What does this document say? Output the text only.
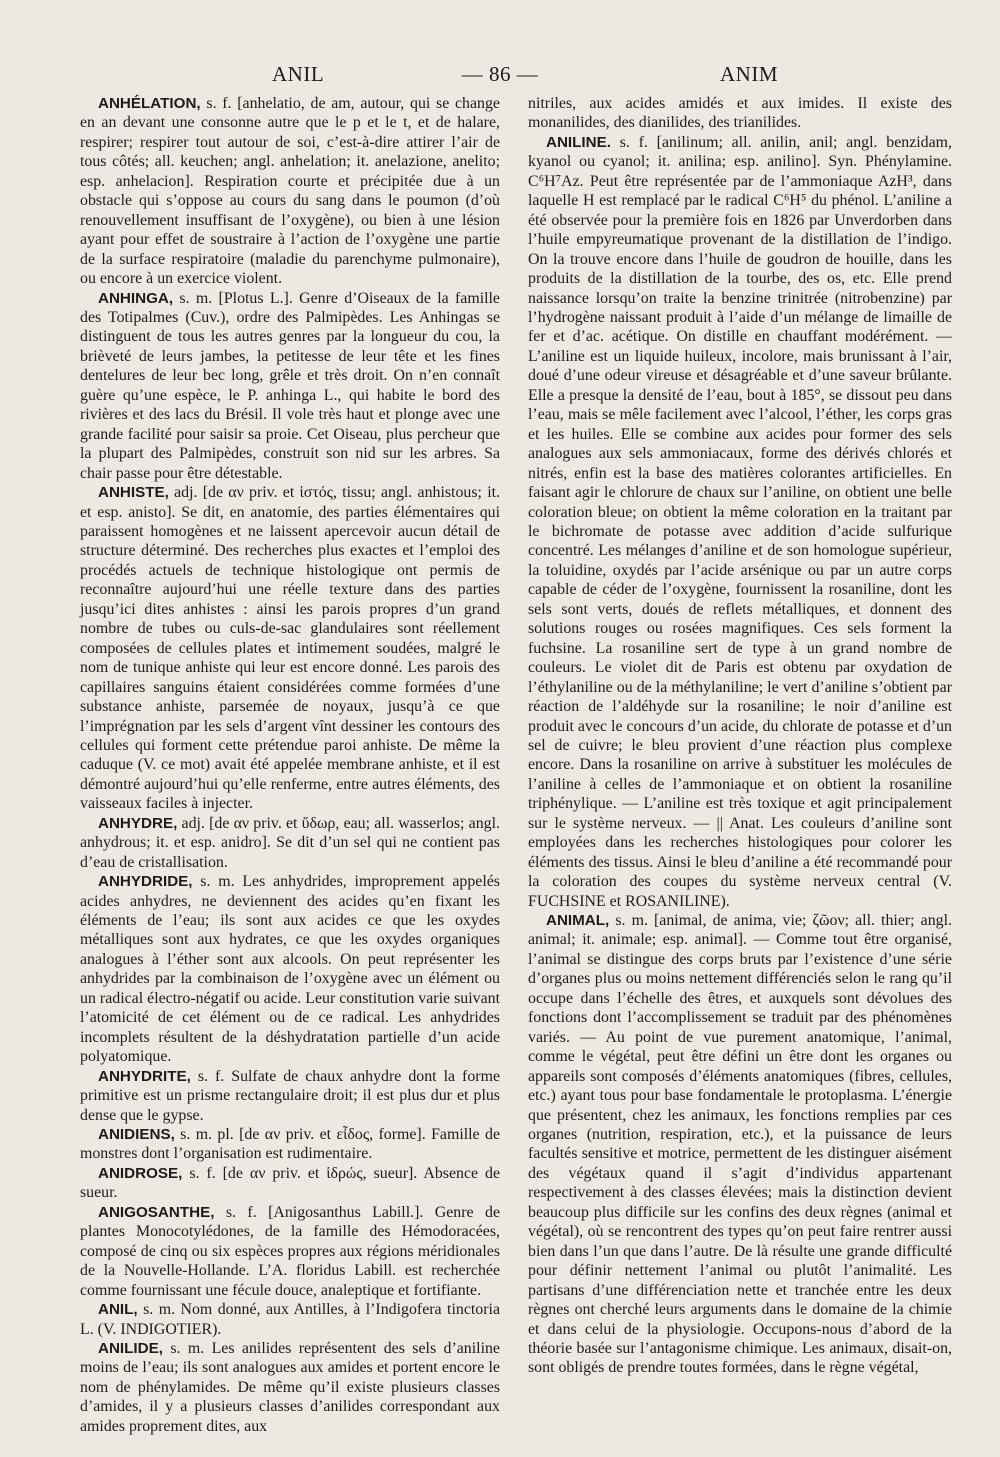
ANIL	— 86 —	ANIM

ANHÉLATION, s. f. [anhelatio, de am, autour, qui se change en an devant une consonne autre que le p et le t, et de halare, respirer; respirer tout autour de soi, c’est-à-dire attirer l’air de tous côtés; all. keuchen; angl. anhelation; it. anelazione, anelito; esp. anhelacion]. Respiration courte et précipitée due à un obstacle qui s’oppose au cours du sang dans le poumon (d’où renouvellement insuffisant de l’oxygène), ou bien à une lésion ayant pour effet de soustraire à l’action de l’oxygène une partie de la surface respiratoire (maladie du parenchyme pulmonaire), ou encore à un exercice violent.

ANHINGA, s. m. [Plotus L.]. Genre d’Oiseaux de la famille des Totipalmes (Cuv.), ordre des Palmipèdes. Les Anhingas se distinguent de tous les autres genres par la longueur du cou, la brièveté de leurs jambes, la petitesse de leur tête et les fines dentelures de leur bec long, grêle et très droit. On n’en connaît guère qu’une espèce, le P. anhinga L., qui habite le bord des rivières et des lacs du Brésil. Il vole très haut et plonge avec une grande facilité pour saisir sa proie. Cet Oiseau, plus percheur que la plupart des Palmipèdes, construit son nid sur les arbres. Sa chair passe pour être détestable.

ANHISTE, adj. [de αν priv. et ἱστός, tissu; angl. anhistous; it. et esp. anisto]. Se dit, en anatomie, des parties élémentaires qui paraissent homogènes et ne laissent apercevoir aucun détail de structure déterminé. Des recherches plus exactes et l’emploi des procédés actuels de technique histologique ont permis de reconnaître aujourd’hui une réelle texture dans des parties jusqu’ici dites anhistes : ainsi les parois propres d’un grand nombre de tubes ou culs-de-sac glandulaires sont réellement composées de cellules plates et intimement soudées, malgré le nom de tunique anhiste qui leur est encore donné. Les parois des capillaires sanguins étaient considérées comme formées d’une substance anhiste, parsemée de noyaux, jusqu’à ce que l’imprégnation par les sels d’argent vînt dessiner les contours des cellules qui forment cette prétendue paroi anhiste. De même la caduque (V. ce mot) avait été appelée membrane anhiste, et il est démontré aujourd’hui qu’elle renferme, entre autres éléments, des vaisseaux faciles à injecter.

ANHYDRE, adj. [de αν priv. et ὕδωρ, eau; all. wasserlos; angl. anhydrous; it. et esp. anidro]. Se dit d’un sel qui ne contient pas d’eau de cristallisation.

ANHYDRIDE, s. m. Les anhydrides, improprement appelés acides anhydres, ne deviennent des acides qu’en fixant les éléments de l’eau; ils sont aux acides ce que les oxydes métalliques sont aux hydrates, ce que les oxydes organiques analogues à l’éther sont aux alcools. On peut représenter les anhydrides par la combinaison de l’oxygène avec un élément ou un radical électro-négatif ou acide. Leur constitution varie suivant l’atomicité de cet élément ou de ce radical. Les anhydrides incomplets résultent de la déshydratation partielle d’un acide polyatomique.

ANHYDRITE, s. f. Sulfate de chaux anhydre dont la forme primitive est un prisme rectangulaire droit; il est plus dur et plus dense que le gypse.

ANIDIENS, s. m. pl. [de αν priv. et εἶδος, forme]. Famille de monstres dont l’organisation est rudimentaire.

ANIDROSE, s. f. [de αν priv. et ἱδρώς, sueur]. Absence de sueur.

ANIGOSANTHE, s. f. [Anigosanthus Labill.]. Genre de plantes Monocotylédones, de la famille des Hémodoracées, composé de cinq ou six espèces propres aux régions méridionales de la Nouvelle-Hollande. L’A. floridus Labill. est recherchée comme fournissant une fécule douce, analeptique et fortifiante.

ANIL, s. m. Nom donné, aux Antilles, à l’Indigofera tinctoria L. (V. INDIGOTIER).

ANILIDE, s. m. Les anilides représentent des sels d’aniline moins de l’eau; ils sont analogues aux amides et portent encore le nom de phénylamides. De même qu’il existe plusieurs classes d’amides, il y a plusieurs classes d’anilides correspondant aux amides proprement dites, aux

nitriles, aux acides amidés et aux imides. Il existe des monanilides, des dianilides, des trianilides.

ANILINE. s. f. [anilinum; all. anilin, anil; angl. benzidam, kyanol ou cyanol; it. anilina; esp. anilino]. Syn. Phénylamine. C⁶H⁷Az. Peut être représentée par de l’ammoniaque AzH³, dans laquelle H est remplacé par le radical C⁶H⁵ du phénol. L’aniline a été observée pour la première fois en 1826 par Unverdorben dans l’huile empyreumatique provenant de la distillation de l’indigo. On la trouve encore dans l’huile de goudron de houille, dans les produits de la distillation de la tourbe, des os, etc. Elle prend naissance lorsqu’on traite la benzine trinitrée (nitrobenzine) par l’hydrogène naissant produit à l’aide d’un mélange de limaille de fer et d’ac. acétique. On distille en chauffant modérément. — L’aniline est un liquide huileux, incolore, mais brunissant à l’air, doué d’une odeur vireuse et désagréable et d’une saveur brûlante. Elle a presque la densité de l’eau, bout à 185°, se dissout peu dans l’eau, mais se mêle facilement avec l’alcool, l’éther, les corps gras et les huiles. Elle se combine aux acides pour former des sels analogues aux sels ammoniacaux, forme des dérivés chlorés et nitrés, enfin est la base des matières colorantes artificielles. En faisant agir le chlorure de chaux sur l’aniline, on obtient une belle coloration bleue; on obtient la même coloration en la traitant par le bichromate de potasse avec addition d’acide sulfurique concentré. Les mélanges d’aniline et de son homologue supérieur, la toluidine, oxydés par l’acide arsénique ou par un autre corps capable de céder de l’oxygène, fournissent la rosaniline, dont les sels sont verts, doués de reflets métalliques, et donnent des solutions rouges ou rosées magnifiques. Ces sels forment la fuchsine. La rosaniline sert de type à un grand nombre de couleurs. Le violet dit de Paris est obtenu par oxydation de l’éthylaniline ou de la méthylaniline; le vert d’aniline s’obtient par réaction de l’aldéhyde sur la rosaniline; le noir d’aniline est produit avec le concours d’un acide, du chlorate de potasse et d’un sel de cuivre; le bleu provient d’une réaction plus complexe encore. Dans la rosaniline on arrive à substituer les molécules de l’aniline à celles de l’ammoniaque et on obtient la rosaniline triphénylique. — L’aniline est très toxique et agit principalement sur le système nerveux. — || Anat. Les couleurs d’aniline sont employées dans les recherches histologiques pour colorer les éléments des tissus. Ainsi le bleu d’aniline a été recommandé pour la coloration des coupes du système nerveux central (V. FUCHSINE et ROSANILINE).

ANIMAL, s. m. [animal, de anima, vie; ζῶον; all. thier; angl. animal; it. animale; esp. animal]. — Comme tout être organisé, l’animal se distingue des corps bruts par l’existence d’une série d’organes plus ou moins nettement différenciés selon le rang qu’il occupe dans l’échelle des êtres, et auxquels sont dévolues des fonctions dont l’accomplissement se traduit par des phénomènes variés. — Au point de vue purement anatomique, l’animal, comme le végétal, peut être défini un être dont les organes ou appareils sont composés d’éléments anatomiques (fibres, cellules, etc.) ayant tous pour base fondamentale le protoplasma. L’énergie que présentent, chez les animaux, les fonctions remplies par ces organes (nutrition, respiration, etc.), et la puissance de leurs facultés sensitive et motrice, permettent de les distinguer aisément des végétaux quand il s’agit d’individus appartenant respectivement à des classes élevées; mais la distinction devient beaucoup plus difficile sur les confins des deux règnes (animal et végétal), où se rencontrent des types qu’on peut faire rentrer aussi bien dans l’un que dans l’autre. De là résulte une grande difficulté pour définir nettement l’animal ou plutôt l’animalité. Les partisans d’une différenciation nette et tranchée entre les deux règnes ont cherché leurs arguments dans le domaine de la chimie et dans celui de la physiologie. Occupons-nous d’abord de la théorie basée sur l’antagonisme chimique. Les animaux, disait-on, sont obligés de prendre toutes formées, dans le règne végétal,
